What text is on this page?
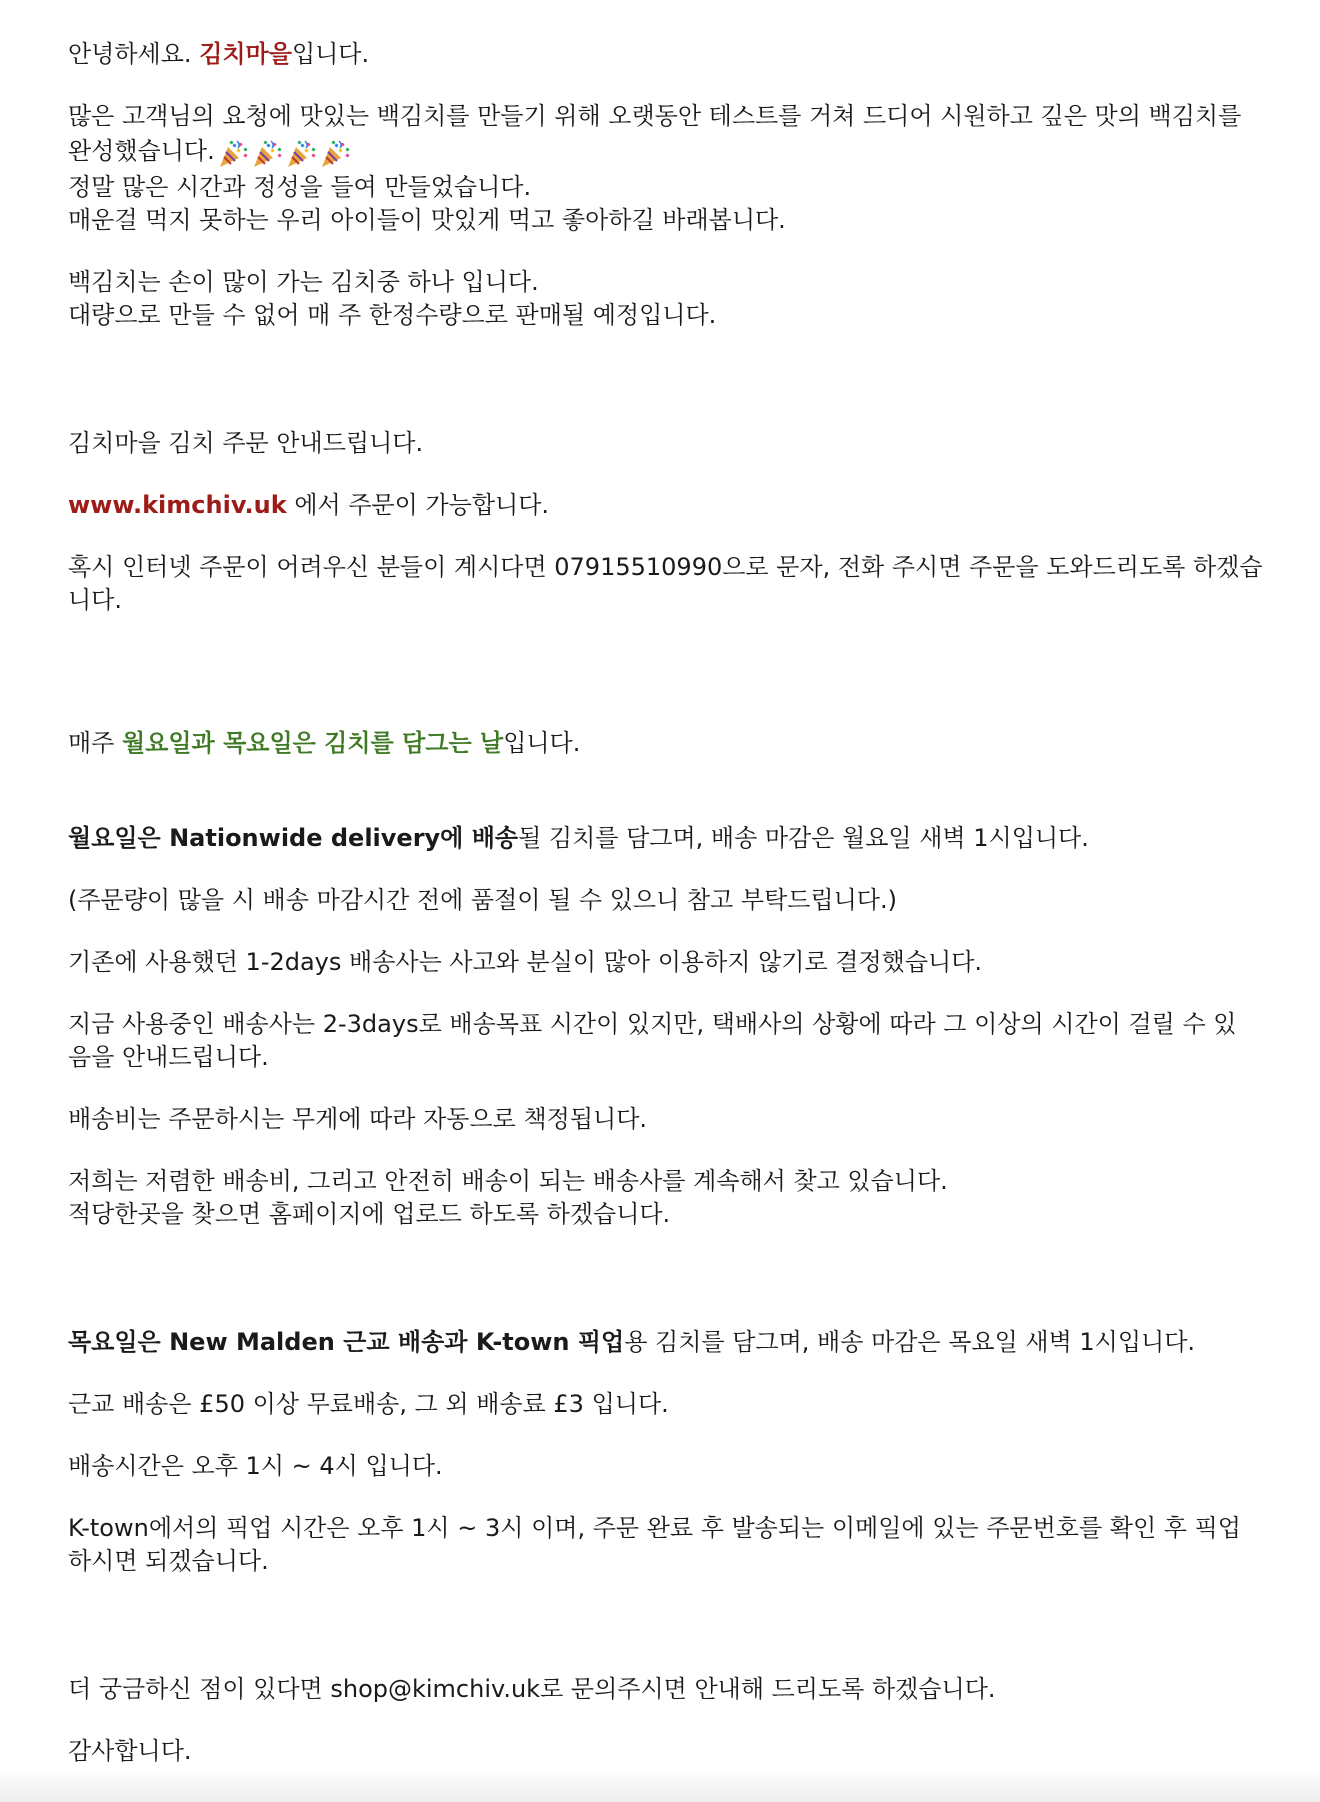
안녕하세요. 김치마을입니다.

많은 고객님의 요청에 맛있는 백김치를 만들기 위해 오랫동안 테스트를 거쳐 드디어 시원하고 깊은 맛의 백김치를

완성했습니다.

정말 많은 시간과 정성을 들여 만들었습니다.

매운걸 먹지 못하는 우리 아이들이 맛있게 먹고 좋아하길 바래봅니다.

백김치는 손이 많이 가는 김치중 하나 입니다.

대량으로 만들 수 없어 매 주 한정수량으로 판매될 예정입니다.

김치마을 김치 주문 안내드립니다.

www.kimchiv.uk 에서 주문이 가능합니다.

혹시 인터넷 주문이 어려우신 분들이 계시다면 07915510990으로 문자, 전화 주시면 주문을 도와드리도록 하겠습

니다.

매주 월요일과 목요일은 김치를 담그는 날입니다.

월요일은 Nationwide delivery에 배송될 김치를 담그며, 배송 마감은 월요일 새벽 1시입니다.

(주문량이 많을 시 배송 마감시간 전에 품절이 될 수 있으니 참고 부탁드립니다.)

기존에 사용했던 1-2days 배송사는 사고와 분실이 많아 이용하지 않기로 결정했습니다.

지금 사용중인 배송사는 2-3days로 배송목표 시간이 있지만, 택배사의 상황에 따라 그 이상의 시간이 걸릴 수 있

음을 안내드립니다.

배송비는 주문하시는 무게에 따라 자동으로 책정됩니다.

저희는 저렴한 배송비, 그리고 안전히 배송이 되는 배송사를 계속해서 찾고 있습니다.

적당한곳을 찾으면 홈페이지에 업로드 하도록 하겠습니다.

목요일은 New Malden 근교 배송과 K-town 픽업용 김치를 담그며, 배송 마감은 목요일 새벽 1시입니다.

근교 배송은 £50 이상 무료배송, 그 외 배송료 £3 입니다.

배송시간은 오후 1시 ~ 4시 입니다.

K-town에서의 픽업 시간은 오후 1시 ~ 3시 이며, 주문 완료 후 발송되는 이메일에 있는 주문번호를 확인 후 픽업

하시면 되겠습니다.

더 궁금하신 점이 있다면 shop@kimchiv.uk로 문의주시면 안내해 드리도록 하겠습니다.

감사합니다.
